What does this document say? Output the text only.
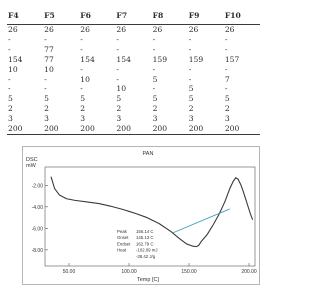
F4	F5	F6	F7	F8	F9	F10
26	26	26	26	26	26	26
-	-	-	-	-	-	-
-	77	-	-	-	-	-
154	77	154	154	159	159	157
10	10	-	-	-	-	-
-	-	10	-	5	-	7
-	-	-	10	-	5	-
5	5	5	5	5	5	5
2	2	2	2	2	2	2
3	3	3	3	3	3	3
200	200	200	200	200	200	200
PAN
DSC mW
-2.00
-4.00
-6.00
-8.00
50.00	100.00	150.00	200.00
Peak 156.14 C
Onset 145.13 C
Endset 162.79 C
Heat -102.09 mJ
-38.42 J/g
Temp [C]
